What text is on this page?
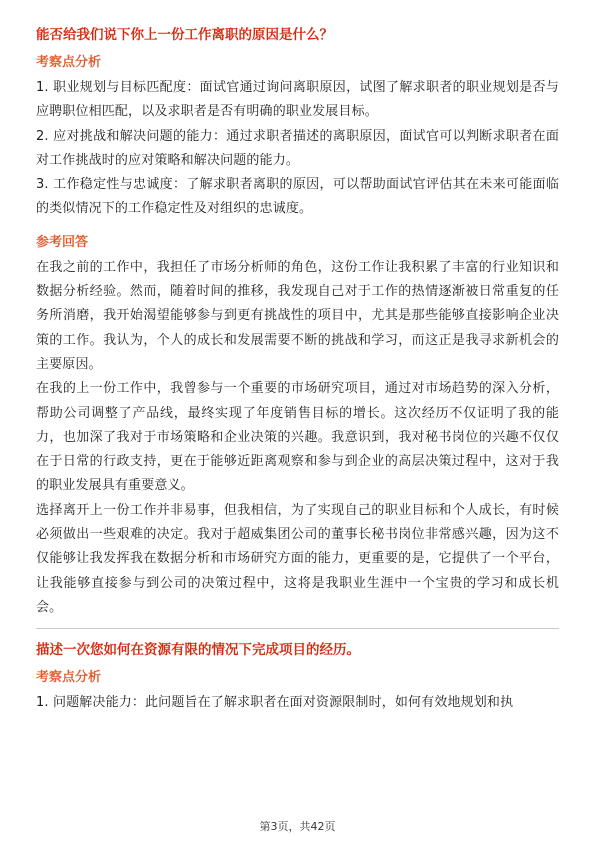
能否给我们说下你上一份工作离职的原因是什么？
考察点分析

1. 职业规划与目标匹配度：面试官通过询问离职原因，试图了解求职者的职业规划是否与应聘职位相匹配，以及求职者是否有明确的职业发展目标。

2. 应对挑战和解决问题的能力：通过求职者描述的离职原因，面试官可以判断求职者在面对工作挑战时的应对策略和解决问题的能力。

3. 工作稳定性与忠诚度：了解求职者离职的原因，可以帮助面试官评估其在未来可能面临的类似情况下的工作稳定性及对组织的忠诚度。

参考回答

在我之前的工作中，我担任了市场分析师的角色，这份工作让我积累了丰富的行业知识和数据分析经验。然而，随着时间的推移，我发现自己对于工作的热情逐渐被日常重复的任务所消磨，我开始渴望能够参与到更有挑战性的项目中，尤其是那些能够直接影响企业决策的工作。我认为，个人的成长和发展需要不断的挑战和学习，而这正是我寻求新机会的主要原因。

在我的上一份工作中，我曾参与一个重要的市场研究项目，通过对市场趋势的深入分析，帮助公司调整了产品线，最终实现了年度销售目标的增长。这次经历不仅证明了我的能力，也加深了我对于市场策略和企业决策的兴趣。我意识到，我对秘书岗位的兴趣不仅仅在于日常的行政支持，更在于能够近距离观察和参与到企业的高层决策过程中，这对于我的职业发展具有重要意义。

选择离开上一份工作并非易事，但我相信，为了实现自己的职业目标和个人成长，有时候必须做出一些艰难的决定。我对于超威集团公司的董事长秘书岗位非常感兴趣，因为这不仅能够让我发挥我在数据分析和市场研究方面的能力，更重要的是，它提供了一个平台，让我能够直接参与到公司的决策过程中，这将是我职业生涯中一个宝贵的学习和成长机会。

描述一次您如何在资源有限的情况下完成项目的经历。
考察点分析

1. 问题解决能力：此问题旨在了解求职者在面对资源限制时，如何有效地规划和执

第3页，共42页
